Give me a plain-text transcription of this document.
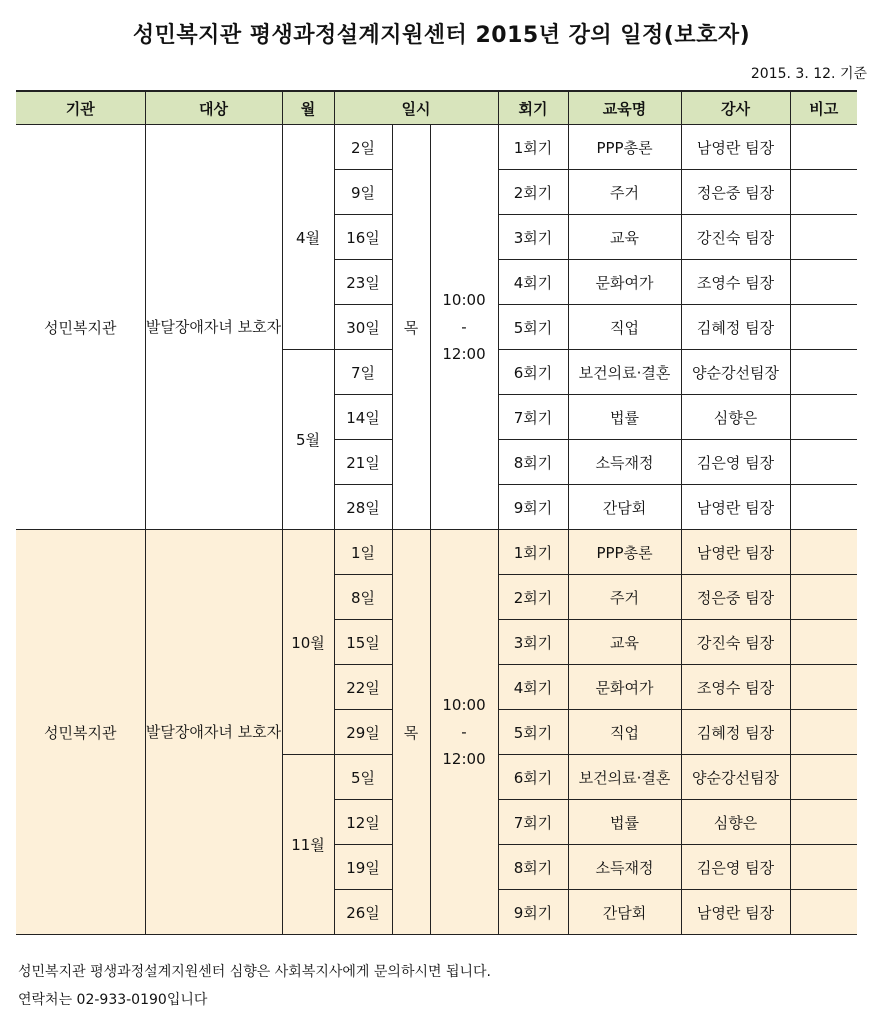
성민복지관 평생과정설계지원센터 2015년 강의 일정(보호자)
2015. 3. 12. 기준
기관	대상	월	일시			회기	교육명	강사	비고
성민복지관	발달장애자녀 보호자	4월	2일	목	10:00
-
12:00	1회기	PPP총론	남영란 팀장	
			9일			2회기	주거	정은중 팀장	
			16일			3회기	교육	강진숙 팀장	
			23일			4회기	문화여가	조영수 팀장	
			30일			5회기	직업	김혜정 팀장	
		5월	7일			6회기	보건의료·결혼	양순강선팀장	
			14일			7회기	법률	심향은	
			21일			8회기	소득재정	김은영 팀장	
			28일			9회기	간담회	남영란 팀장	
성민복지관	발달장애자녀 보호자	10월	1일	목	10:00
-
12:00	1회기	PPP총론	남영란 팀장	
			8일			2회기	주거	정은중 팀장	
			15일			3회기	교육	강진숙 팀장	
			22일			4회기	문화여가	조영수 팀장	
			29일			5회기	직업	김혜정 팀장	
		11월	5일			6회기	보건의료·결혼	양순강선팀장	
			12일			7회기	법률	심향은	
			19일			8회기	소득재정	김은영 팀장	
			26일			9회기	간담회	남영란 팀장	
성민복지관 평생과정설계지원센터 심향은 사회복지사에게 문의하시면 됩니다.
연락처는 02-933-0190입니다
